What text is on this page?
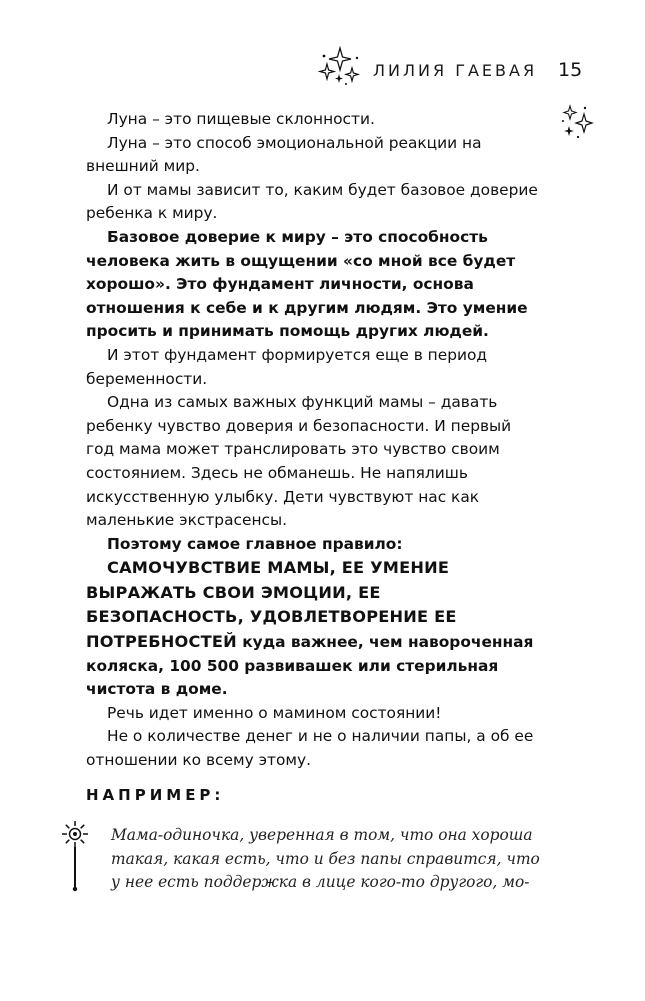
ЛИЛИЯ ГАЕВАЯ 15

Луна – это пищевые склонности.

Луна – это способ эмоциональной реакции на внешний мир.

И от мамы зависит то, каким будет базовое доверие ребенка к миру.

Базовое доверие к миру – это способность человека жить в ощущении «со мной все будет хорошо». Это фундамент личности, основа отношения к себе и к другим людям. Это умение просить и принимать помощь других людей.

И этот фундамент формируется еще в период беременности.

Одна из самых важных функций мамы – давать ребенку чувство доверия и безопасности. И первый год мама может транслировать это чувство своим состоянием. Здесь не обманешь. Не напялишь искусственную улыбку. Дети чувствуют нас как маленькие экстрасенсы.

Поэтому самое главное правило:

САМОЧУВСТВИЕ МАМЫ, ЕЕ УМЕНИЕ ВЫРАЖАТЬ СВОИ ЭМОЦИИ, ЕЕ БЕЗОПАСНОСТЬ, УДОВЛЕТВОРЕНИЕ ЕЕ ПОТРЕБНОСТЕЙ куда важнее, чем навороченная коляска, 100 500 развивашек или стерильная чистота в доме.

Речь идет именно о мамином состоянии!

Не о количестве денег и не о наличии папы, а об ее отношении ко всему этому.

НАПРИМЕР:

Мама-одиночка, уверенная в том, что она хороша такая, какая есть, что и без папы справится, что у нее есть поддержка в лице кого-то другого, мо-
